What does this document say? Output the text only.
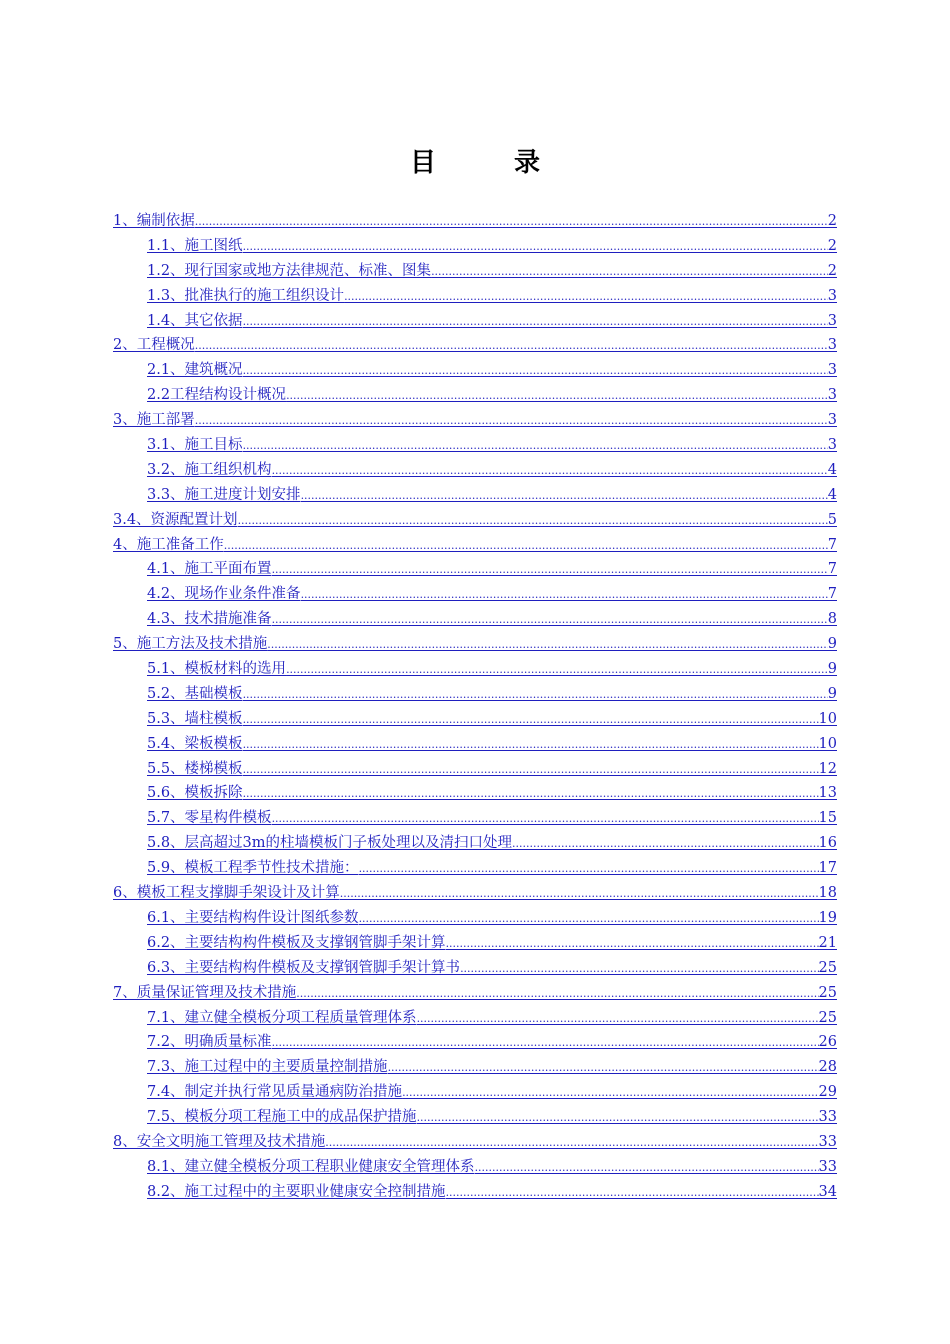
目　录
1、编制依据 .....	2
1.1、施工图纸 .....	2
1.2、现行国家或地方法律规范、标准、图集 .....	2
1.3、批准执行的施工组织设计 .....	3
1.4、其它依据 .....	3
2、工程概况 .....	3
2.1、建筑概况 .....	3
2.2工程结构设计概况 .....	3
3、施工部署 .....	3
3.1、施工目标 .....	3
3.2、施工组织机构 .....	4
3.3、施工进度计划安排 .....	4
3.4、资源配置计划 .....	5
4、施工准备工作 .....	7
4.1、施工平面布置 .....	7
4.2、现场作业条件准备 .....	7
4.3、技术措施准备 .....	8
5、施工方法及技术措施 .....	9
5.1、模板材料的选用 .....	9
5.2、基础模板 .....	9
5.3、墙柱模板 .....	10
5.4、梁板模板 .....	10
5.5、楼梯模板 .....	12
5.6、模板拆除 .....	13
5.7、零星构件模板 .....	15
5.8、层高超过3m的柱墙模板门子板处理以及清扫口处理 .....	16
5.9、模板工程季节性技术措施： .....	17
6、模板工程支撑脚手架设计及计算 .....	18
6.1、主要结构构件设计图纸参数 .....	19
6.2、主要结构构件模板及支撑钢管脚手架计算 .....	21
6.3、主要结构构件模板及支撑钢管脚手架计算书 .....	25
7、质量保证管理及技术措施 .....	25
7.1、建立健全模板分项工程质量管理体系 .....	25
7.2、明确质量标准 .....	26
7.3、施工过程中的主要质量控制措施 .....	28
7.4、制定并执行常见质量通病防治措施 .....	29
7.5、模板分项工程施工中的成品保护措施 .....	33
8、安全文明施工管理及技术措施 .....	33
8.1、建立健全模板分项工程职业健康安全管理体系 .....	33
8.2、施工过程中的主要职业健康安全控制措施 .....	34
